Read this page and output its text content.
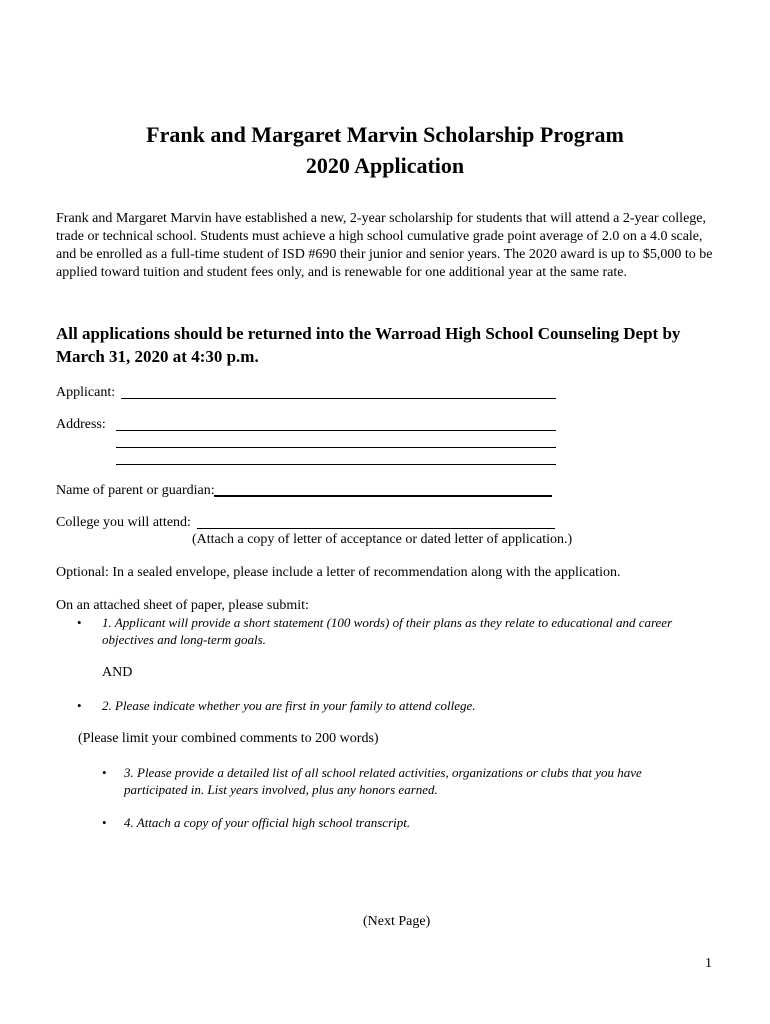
Frank and Margaret Marvin Scholarship Program
2020 Application
Frank and Margaret Marvin have established a new, 2-year scholarship for students that will attend a 2-year college, trade or technical school. Students must achieve a high school cumulative grade point average of 2.0 on a 4.0 scale, and be enrolled as a full-time student of ISD #690 their junior and senior years. The 2020 award is up to $5,000 to be applied toward tuition and student fees only, and is renewable for one additional year at the same rate.
All applications should be returned into the Warroad High School Counseling Dept by March 31, 2020 at 4:30 p.m.
Applicant:
Address:
Name of parent or guardian:
College you will attend:
(Attach a copy of letter of acceptance or dated letter of application.)
Optional: In a sealed envelope, please include a letter of recommendation along with the application.
On an attached sheet of paper, please submit:
• 1. Applicant will provide a short statement (100 words) of their plans as they relate to educational and career
objectives and long-term goals.
AND
• 2. Please indicate whether you are first in your family to attend college.
(Please limit your combined comments to 200 words)
• 3. Please provide a detailed list of all school related activities, organizations or clubs that you have
participated in. List years involved, plus any honors earned.
• 4. Attach a copy of your official high school transcript.
(Next Page)
1
